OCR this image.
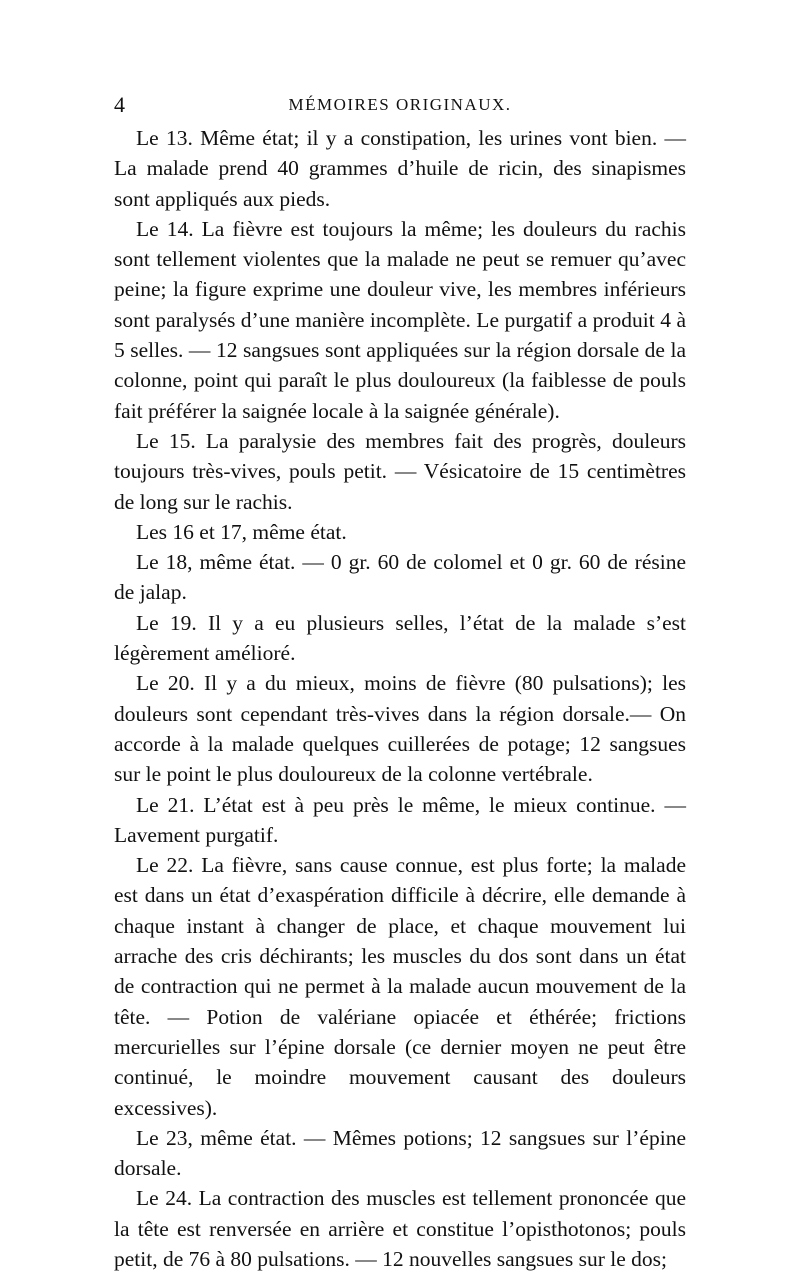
4	MÉMOIRES ORIGINAUX.

Le 13. Même état; il y a constipation, les urines vont bien. — La malade prend 40 grammes d’huile de ricin, des sinapismes sont appliqués aux pieds.

Le 14. La fièvre est toujours la même; les douleurs du rachis sont tellement violentes que la malade ne peut se remuer qu’avec peine; la figure exprime une douleur vive, les membres inférieurs sont paralysés d’une manière incomplète. Le purgatif a produit 4 à 5 selles. — 12 sangsues sont appliquées sur la région dorsale de la colonne, point qui paraît le plus douloureux (la faiblesse de pouls fait préférer la saignée locale à la saignée générale).

Le 15. La paralysie des membres fait des progrès, douleurs toujours très-vives, pouls petit. — Vésicatoire de 15 centimètres de long sur le rachis.

Les 16 et 17, même état.

Le 18, même état. — 0 gr. 60 de colomel et 0 gr. 60 de résine de jalap.

Le 19. Il y a eu plusieurs selles, l’état de la malade s’est légèrement amélioré.

Le 20. Il y a du mieux, moins de fièvre (80 pulsations); les douleurs sont cependant très-vives dans la région dorsale.— On accorde à la malade quelques cuillerées de potage; 12 sangsues sur le point le plus douloureux de la colonne vertébrale.

Le 21. L’état est à peu près le même, le mieux continue. — Lavement purgatif.

Le 22. La fièvre, sans cause connue, est plus forte; la malade est dans un état d’exaspération difficile à décrire, elle demande à chaque instant à changer de place, et chaque mouvement lui arrache des cris déchirants; les muscles du dos sont dans un état de contraction qui ne permet à la malade aucun mouvement de la tête. — Potion de valériane opiacée et éthérée; frictions mercurielles sur l’épine dorsale (ce dernier moyen ne peut être continué, le moindre mouvement causant des douleurs excessives).

Le 23, même état. — Mêmes potions; 12 sangsues sur l’épine dorsale.

Le 24. La contraction des muscles est tellement prononcée que la tête est renversée en arrière et constitue l’opisthotonos; pouls petit, de 76 à 80 pulsations. — 12 nouvelles sangsues sur le dos;
